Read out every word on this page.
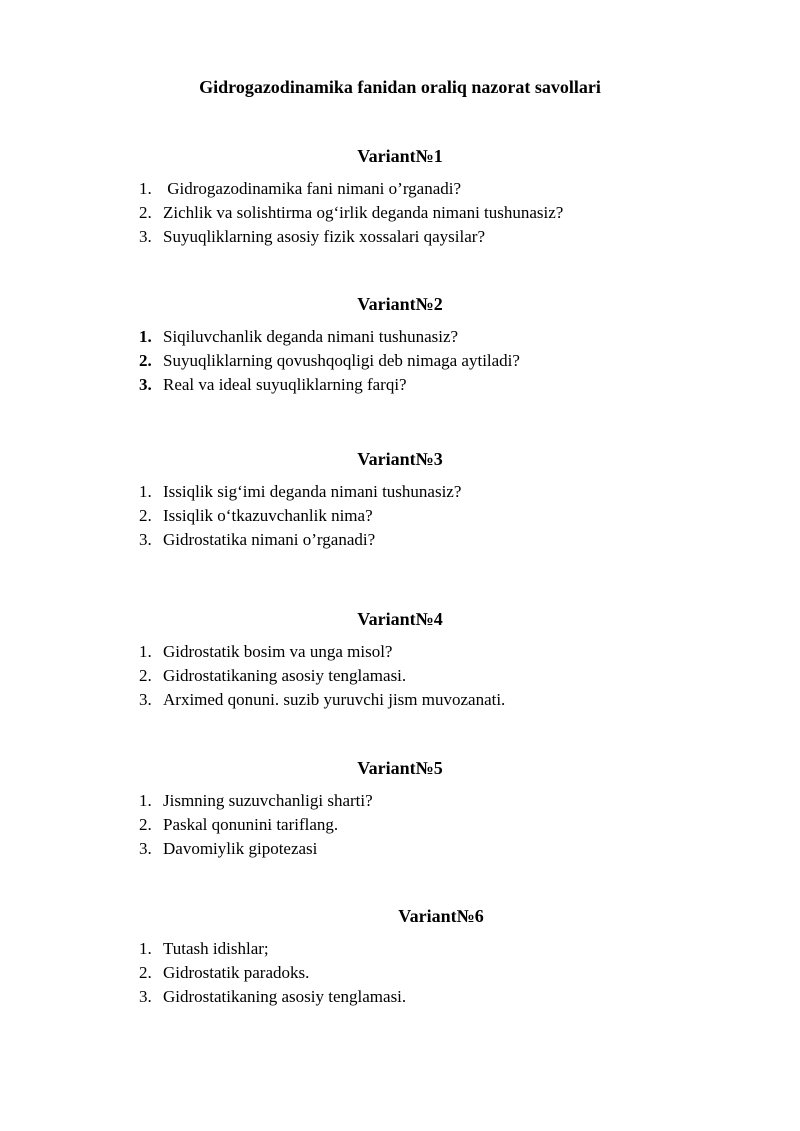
Gidrogazodinamika fanidan oraliq nazorat savollari
Variant№1
1. Gidrogazodinamika fani nimani o’rganadi?
2. Zichlik va solishtirma og‘irlik deganda nimani tushunasiz?
3. Suyuqliklarning asosiy fizik xossalari qaysilar?
Variant№2
1. Siqiluvchanlik deganda nimani tushunasiz?
2. Suyuqliklarning qovushqoqligi deb nimaga aytiladi?
3. Real va ideal suyuqliklarning farqi?
Variant№3
1. Issiqlik sig‘imi deganda nimani tushunasiz?
2. Issiqlik o‘tkazuvchanlik nima?
3. Gidrostatika nimani o’rganadi?
Variant№4
1. Gidrostatik bosim va unga misol?
2. Gidrostatikaning asosiy tenglamasi.
3. Arximed qonuni. suzib yuruvchi jism muvozanati.
Variant№5
1. Jismning suzuvchanligi sharti?
2. Paskal qonunini tariflang.
3. Davomiylik gipotezasi
Variant№6
1. Tutash idishlar;
2. Gidrostatik paradoks.
3. Gidrostatikaning asosiy tenglamasi.
